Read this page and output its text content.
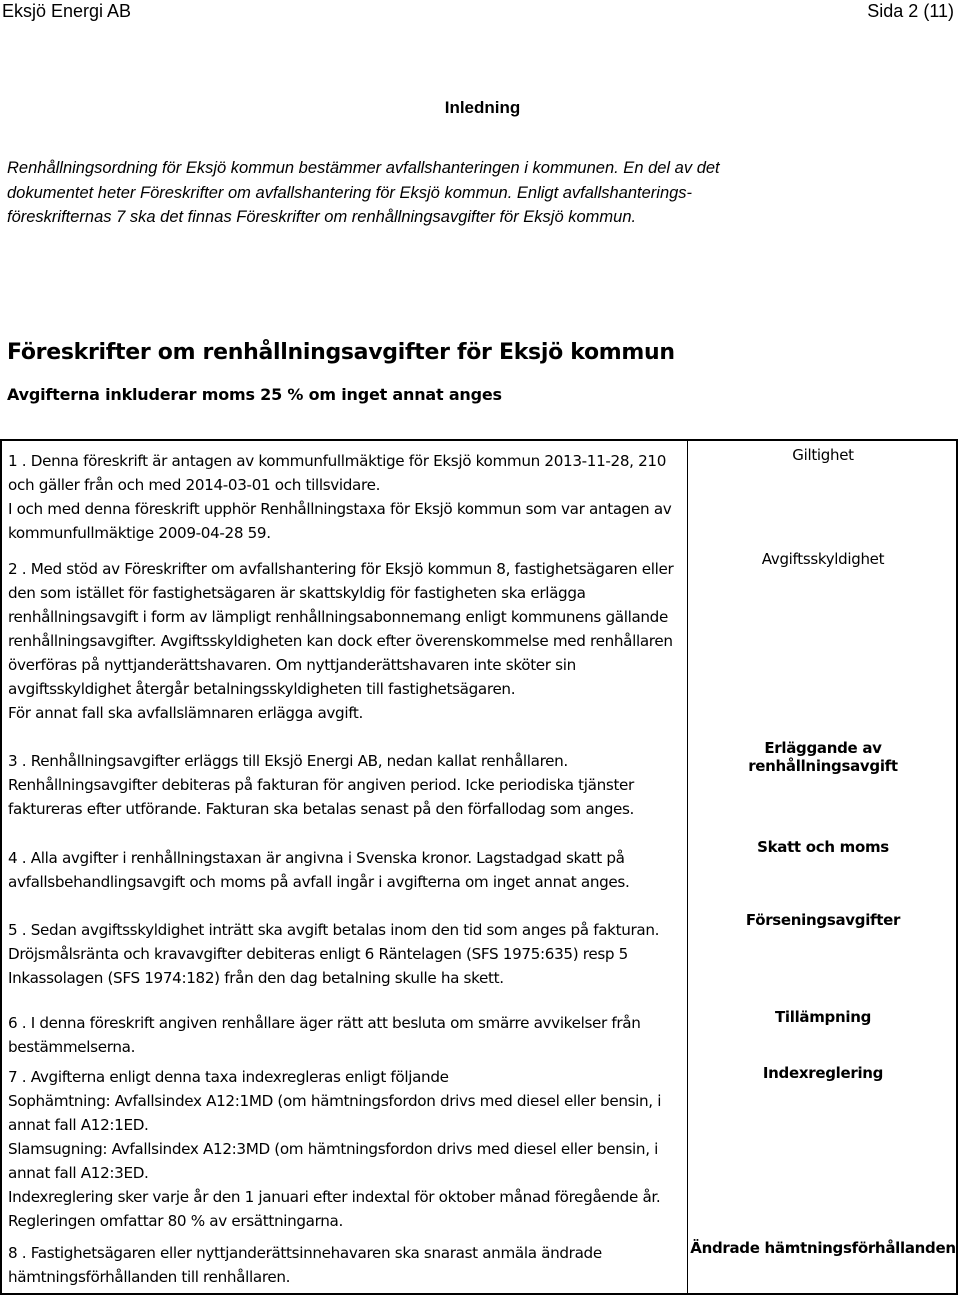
Eksjö Energi AB	Sida 2 (11)
Inledning
Renhållningsordning för Eksjö kommun bestämmer avfallshanteringen i kommunen. En del av det dokumentet heter Föreskrifter om avfallshantering för Eksjö kommun. Enligt avfallshanterings-föreskrifternas 7 ska det finnas Föreskrifter om renhållningsavgifter för Eksjö kommun.
Föreskrifter om renhållningsavgifter för Eksjö kommun
Avgifterna inkluderar moms 25 % om inget annat anges
1 . Denna föreskrift är antagen av kommunfullmäktige för Eksjö kommun 2013-11-28, 210 och gäller från och med 2014-03-01 och tillsvidare.
I och med denna föreskrift upphör Renhållningstaxa för Eksjö kommun som var antagen av kommunfullmäktige 2009-04-28 59.
Giltighet
2 . Med stöd av Föreskrifter om avfallshantering för Eksjö kommun 8, fastighetsägaren eller den som istället för fastighetsägaren är skattskyldig för fastigheten ska erlägga renhållningsavgift i form av lämpligt renhållningsabonnemang enligt kommunens gällande renhållningsavgifter. Avgiftsskyldigheten kan dock efter överenskommelse med renhållaren överföras på nyttjanderättshavaren. Om nyttjanderättshavaren inte sköter sin avgiftsskyldighet återgår betalningsskyldigheten till fastighetsägaren.
För annat fall ska avfallslämnaren erlägga avgift.
Avgiftsskyldighet
3 . Renhållningsavgifter erläggs till Eksjö Energi AB, nedan kallat renhållaren.
Renhållningsavgifter debiteras på fakturan för angiven period. Icke periodiska tjänster faktureras efter utförande. Fakturan ska betalas senast på den förfallodag som anges.
Erläggande av renhållningsavgift
4 . Alla avgifter i renhållningstaxan är angivna i Svenska kronor. Lagstadgad skatt på avfallsbehandlingsavgift och moms på avfall ingår i avgifterna om inget annat anges.
Skatt och moms
5 . Sedan avgiftsskyldighet inträtt ska avgift betalas inom den tid som anges på fakturan. Dröjsmålsränta och kravavgifter debiteras enligt 6 Räntelagen (SFS 1975:635) resp 5 Inkassolagen (SFS 1974:182) från den dag betalning skulle ha skett.
Förseningsavgifter
6 . I denna föreskrift angiven renhållare äger rätt att besluta om smärre avvikelser från bestämmelserna.
Tillämpning
7 . Avgifterna enligt denna taxa indexregleras enligt följande
Sophämtning: Avfallsindex A12:1MD (om hämtningsfordon drivs med diesel eller bensin, i annat fall A12:1ED.
Slamsugning: Avfallsindex A12:3MD (om hämtningsfordon drivs med diesel eller bensin, i annat fall A12:3ED.
Indexreglering sker varje år den 1 januari efter indextal för oktober månad föregående år. Regleringen omfattar 80 % av ersättningarna.
Indexreglering
8 . Fastighetsägaren eller nyttjanderättsinnehavaren ska snarast anmäla ändrade hämtningsförhållanden till renhållaren.
Ändrade hämtningsförhållanden
